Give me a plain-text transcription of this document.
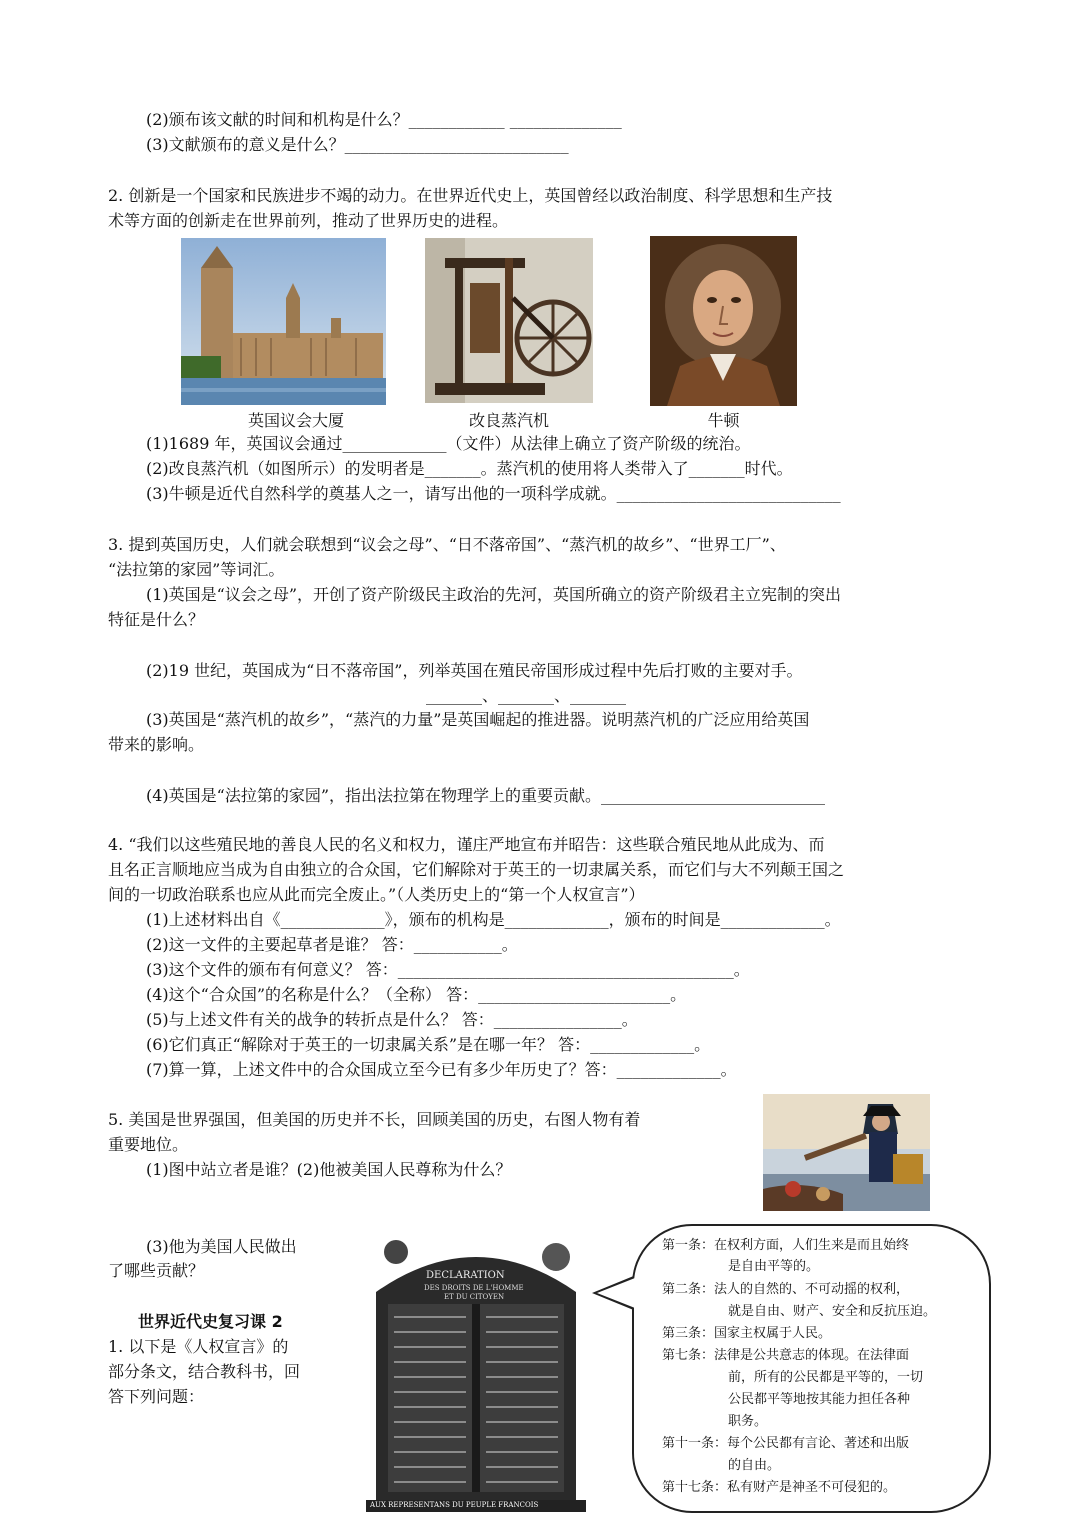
(2)颁布该文献的时间和机构是什么？____________ ______________
(3)文献颁布的意义是什么？____________________________
2. 创新是一个国家和民族进步不竭的动力。在世界近代史上，英国曾经以政治制度、科学思想和生产技
术等方面的创新走在世界前列，推动了世界历史的进程。
英国议会大厦	改良蒸汽机	牛顿
(1)1689 年，英国议会通过_____________（文件）从法律上确立了资产阶级的统治。
(2)改良蒸汽机（如图所示）的发明者是_______。蒸汽机的使用将人类带入了_______时代。
(3)牛顿是近代自然科学的奠基人之一，请写出他的一项科学成就。____________________________
3. 提到英国历史，人们就会联想到“议会之母”、“日不落帝国”、“蒸汽机的故乡”、“世界工厂”、
“法拉第的家园”等词汇。
(1)英国是“议会之母”，开创了资产阶级民主政治的先河，英国所确立的资产阶级君主立宪制的突出
特征是什么？
(2)19 世纪，英国成为“日不落帝国”，列举英国在殖民帝国形成过程中先后打败的主要对手。
_______、_______、_______
(3)英国是“蒸汽机的故乡”，“蒸汽的力量”是英国崛起的推进器。说明蒸汽机的广泛应用给英国
带来的影响。
(4)英国是“法拉第的家园”，指出法拉第在物理学上的重要贡献。____________________________
4. “我们以这些殖民地的善良人民的名义和权力，谨庄严地宣布并昭告：这些联合殖民地从此成为、而
且名正言顺地应当成为自由独立的合众国，它们解除对于英王的一切隶属关系，而它们与大不列颠王国之
间的一切政治联系也应从此而完全废止。”（人类历史上的“第一个人权宣言”）
(1)上述材料出自《_____________》，颁布的机构是_____________，颁布的时间是_____________。
(2)这一文件的主要起草者是谁？ 答：___________。
(3)这个文件的颁布有何意义？ 答：__________________________________________。
(4)这个“合众国”的名称是什么？（全称） 答：________________________。
(5)与上述文件有关的战争的转折点是什么？ 答：________________。
(6)它们真正“解除对于英王的一切隶属关系”是在哪一年？ 答：_____________。
(7)算一算，上述文件中的合众国成立至今已有多少年历史了？答：_____________。
5. 美国是世界强国，但美国的历史并不长，回顾美国的历史，右图人物有着
重要地位。
(1)图中站立者是谁？(2)他被美国人民尊称为什么？
(3)他为美国人民做出
了哪些贡献？
世界近代史复习课 2
1. 以下是《人权宣言》的
部分条文，结合教科书，回
答下列问题：
DECLARATION
DES DROITS DE L'HOMME
ET DU CITOYEN
AUX REPRESENTANS DU PEUPLE FRANCOIS
第一条：在权利方面，人们生来是而且始终
是自由平等的。
第二条：法人的自然的、不可动摇的权利，
就是自由、财产、安全和反抗压迫。
第三条：国家主权属于人民。
第七条：法律是公共意志的体现。在法律面
前，所有的公民都是平等的，一切
公民都平等地按其能力担任各种
职务。
第十一条：每个公民都有言论、著述和出版
的自由。
第十七条：私有财产是神圣不可侵犯的。
